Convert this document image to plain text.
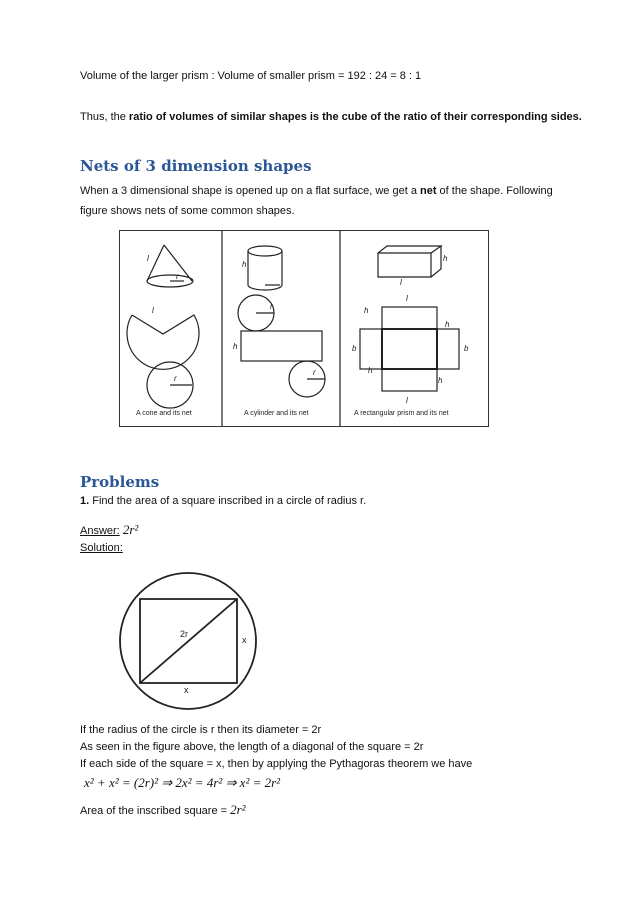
Volume of the larger prism : Volume of smaller prism = 192 : 24 = 8 : 1
Thus, the ratio of volumes of similar shapes is the cube of the ratio of their corresponding sides.
Nets of 3 dimension shapes
When a 3 dimensional shape is opened up on a flat surface, we get a net of the shape. Following
figure shows nets of some common shapes.
l
r
l
r
h
r
h
r
l
h
l
h
b
h
b
h
h
l
A cone and its net	A cylinder and its net	A rectangular prism and its net
Problems
1. Find the area of a square inscribed in a circle of radius r.
Answer: 2r²
Solution:
2r
x
x
If the radius of the circle is r then its diameter = 2r
As seen in the figure above, the length of a diagonal of the square = 2r
If each side of the square = x, then by applying the Pythagoras theorem we have
x² + x² = (2r)² ⇒ 2x² = 4r² ⇒ x² = 2r²
Area of the inscribed square = 2r²
